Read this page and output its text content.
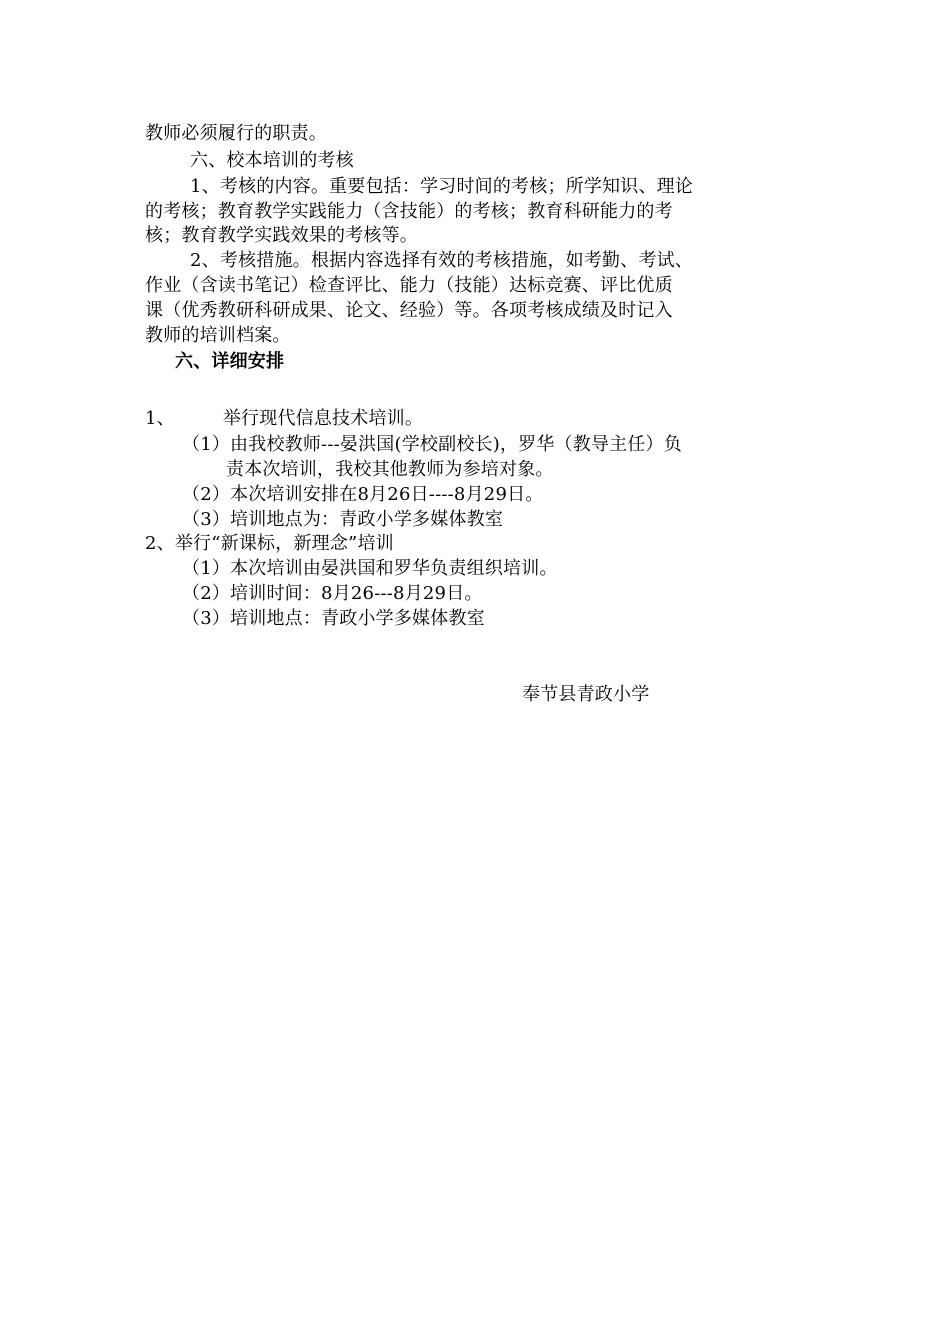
教师必须履行的职责。
六、校本培训的考核
1、考核的内容。重要包括：学习时间的考核；所学知识、理论
的考核；教育教学实践能力（含技能）的考核；教育科研能力的考
核；教育教学实践效果的考核等。
2、考核措施。根据内容选择有效的考核措施，如考勤、考试、
作业（含读书笔记）检查评比、能力（技能）达标竞赛、评比优质
课（优秀教研科研成果、论文、经验）等。各项考核成绩及时记入
教师的培训档案。
六、详细安排
1、	举行现代信息技术培训。
（1）由我校教师---晏洪国(学校副校长)，罗华（教导主任）负
责本次培训，我校其他教师为参培对象。
（2）本次培训安排在8月26日----8月29日。
（3）培训地点为：青政小学多媒体教室
2、举行“新课标，新理念”培训
（1）本次培训由晏洪国和罗华负责组织培训。
（2）培训时间：8月26---8月29日。
（3）培训地点：青政小学多媒体教室
奉节县青政小学
